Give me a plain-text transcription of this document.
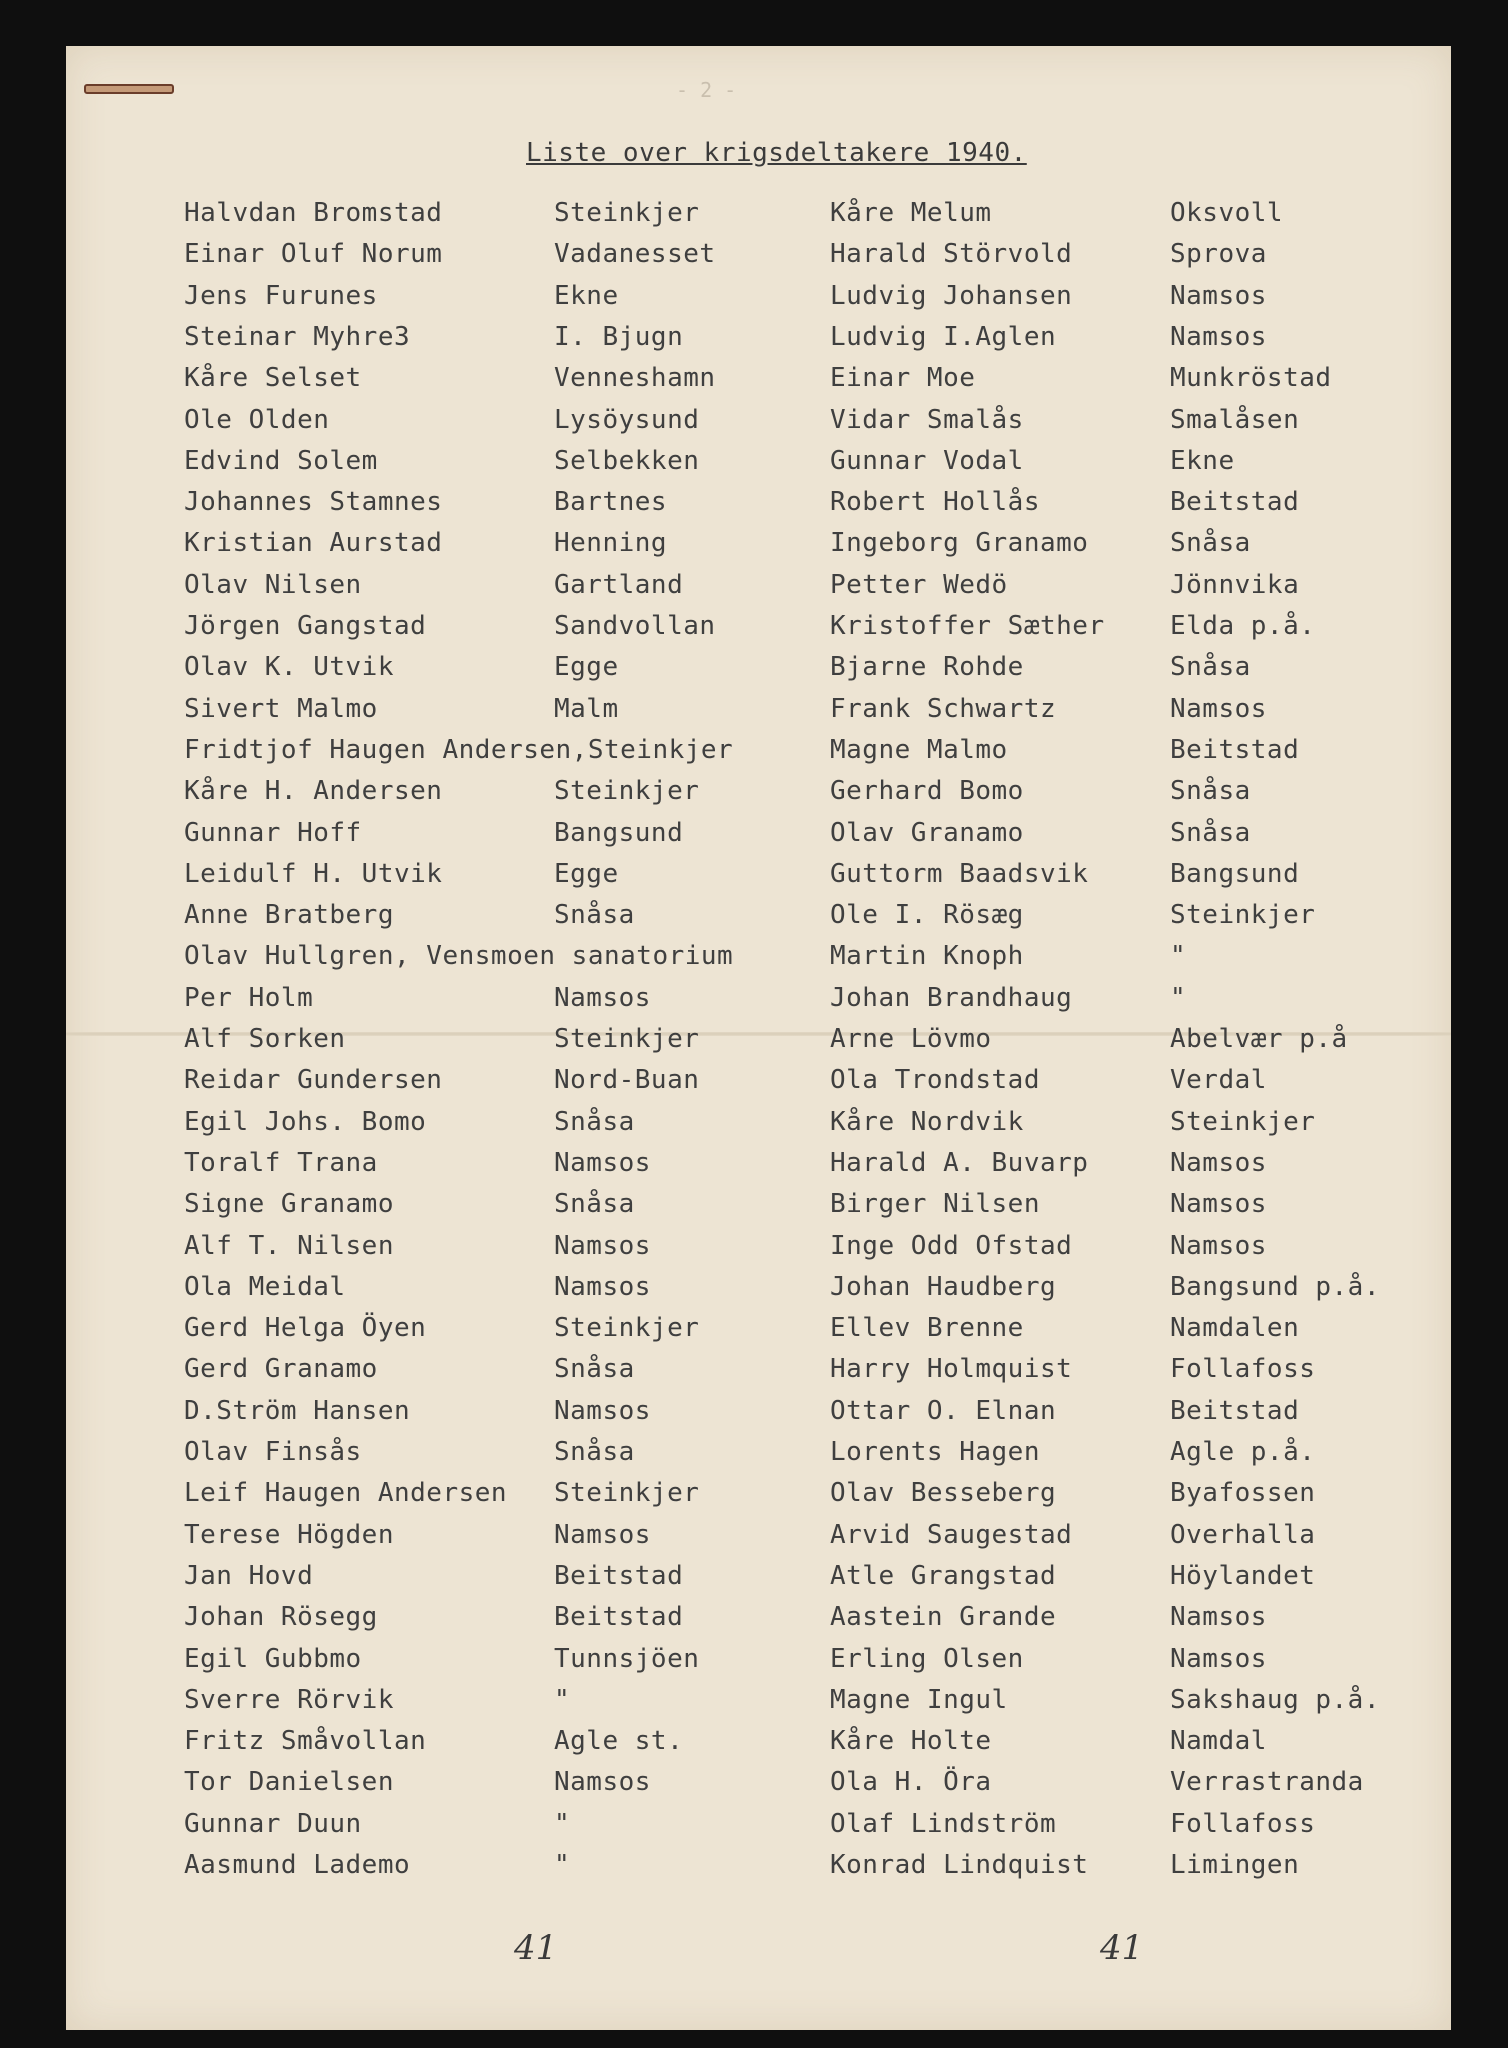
- 2 -
Liste over krigsdeltakere 1940.
Halvdan Bromstad	Steinkjer	Kåre Melum	Oksvoll
Einar Oluf Norum	Vadanesset	Harald Störvold	Sprova
Jens Furunes	Ekne	Ludvig Johansen	Namsos
Steinar Myhre3	I. Bjugn	Ludvig I.Aglen	Namsos
Kåre Selset	Venneshamn	Einar Moe	Munkröstad
Ole Olden	Lysöysund	Vidar Smalås	Smalåsen
Edvind Solem	Selbekken	Gunnar Vodal	Ekne
Johannes Stamnes	Bartnes	Robert Hollås	Beitstad
Kristian Aurstad	Henning	Ingeborg Granamo	Snåsa
Olav Nilsen	Gartland	Petter Wedö	Jönnvika
Jörgen Gangstad	Sandvollan	Kristoffer Sæther	Elda p.å.
Olav K. Utvik	Egge	Bjarne Rohde	Snåsa
Sivert Malmo	Malm	Frank Schwartz	Namsos
Fridtjof Haugen Andersen,Steinkjer	Magne Malmo	Beitstad
Kåre H. Andersen	Steinkjer	Gerhard Bomo	Snåsa
Gunnar Hoff	Bangsund	Olav Granamo	Snåsa
Leidulf H. Utvik	Egge	Guttorm Baadsvik	Bangsund
Anne Bratberg	Snåsa	Ole I. Rösæg	Steinkjer
Olav Hullgren, Vensmoen sanatorium	Martin Knoph	"
Per Holm	Namsos	Johan Brandhaug	"
Alf Sorken	Steinkjer	Arne Lövmo	Abelvær p.å
Reidar Gundersen	Nord-Buan	Ola Trondstad	Verdal
Egil Johs. Bomo	Snåsa	Kåre Nordvik	Steinkjer
Toralf Trana	Namsos	Harald A. Buvarp	Namsos
Signe Granamo	Snåsa	Birger Nilsen	Namsos
Alf T. Nilsen	Namsos	Inge Odd Ofstad	Namsos
Ola Meidal	Namsos	Johan Haudberg	Bangsund p.å.
Gerd Helga Öyen	Steinkjer	Ellev Brenne	Namdalen
Gerd Granamo	Snåsa	Harry Holmquist	Follafoss
D.Ström Hansen	Namsos	Ottar O. Elnan	Beitstad
Olav Finsås	Snåsa	Lorents Hagen	Agle p.å.
Leif Haugen Andersen Steinkjer	Olav Besseberg	Byafossen
Terese Högden	Namsos	Arvid Saugestad	Overhalla
Jan Hovd	Beitstad	Atle Grangstad	Höylandet
Johan Rösegg	Beitstad	Aastein Grande	Namsos
Egil Gubbmo	Tunnsjöen	Erling Olsen	Namsos
Sverre Rörvik	"	Magne Ingul	Sakshaug p.å.
Fritz Småvollan	Agle st.	Kåre Holte	Namdal
Tor Danielsen	Namsos	Ola H. Öra	Verrastranda
Gunnar Duun	"	Olaf Lindström	Follafoss
Aasmund Lademo	"	Konrad Lindquist	Limingen
41	41
